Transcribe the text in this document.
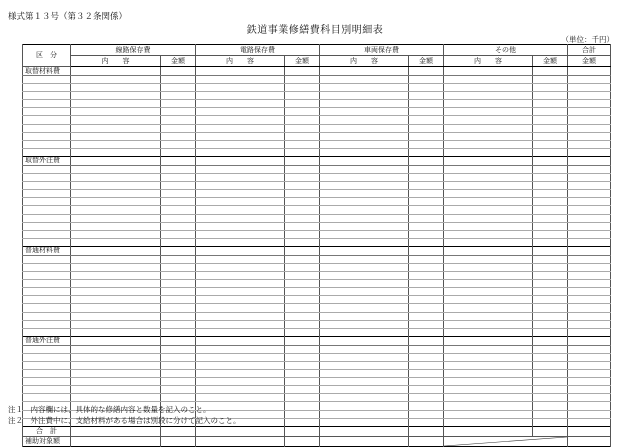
様式第１３号（第３２条関係）
鉄道事業修繕費科目別明細表
（単位：千円）
区　分	線路保存費		電路保存費		車両保存費		その他		合計
	内　　容	金額	内　　容	金額	内　　容	金額	内　　容	金額	金額
取替材料費									

取替外注費									

普通材料費									

普通外注費									

合　計									
補助対象額							

注１　内容欄には、具体的な修繕内容と数量を記入のこと。
注２　外注費中に、支給材料がある場合は別段に分けて記入のこと。
